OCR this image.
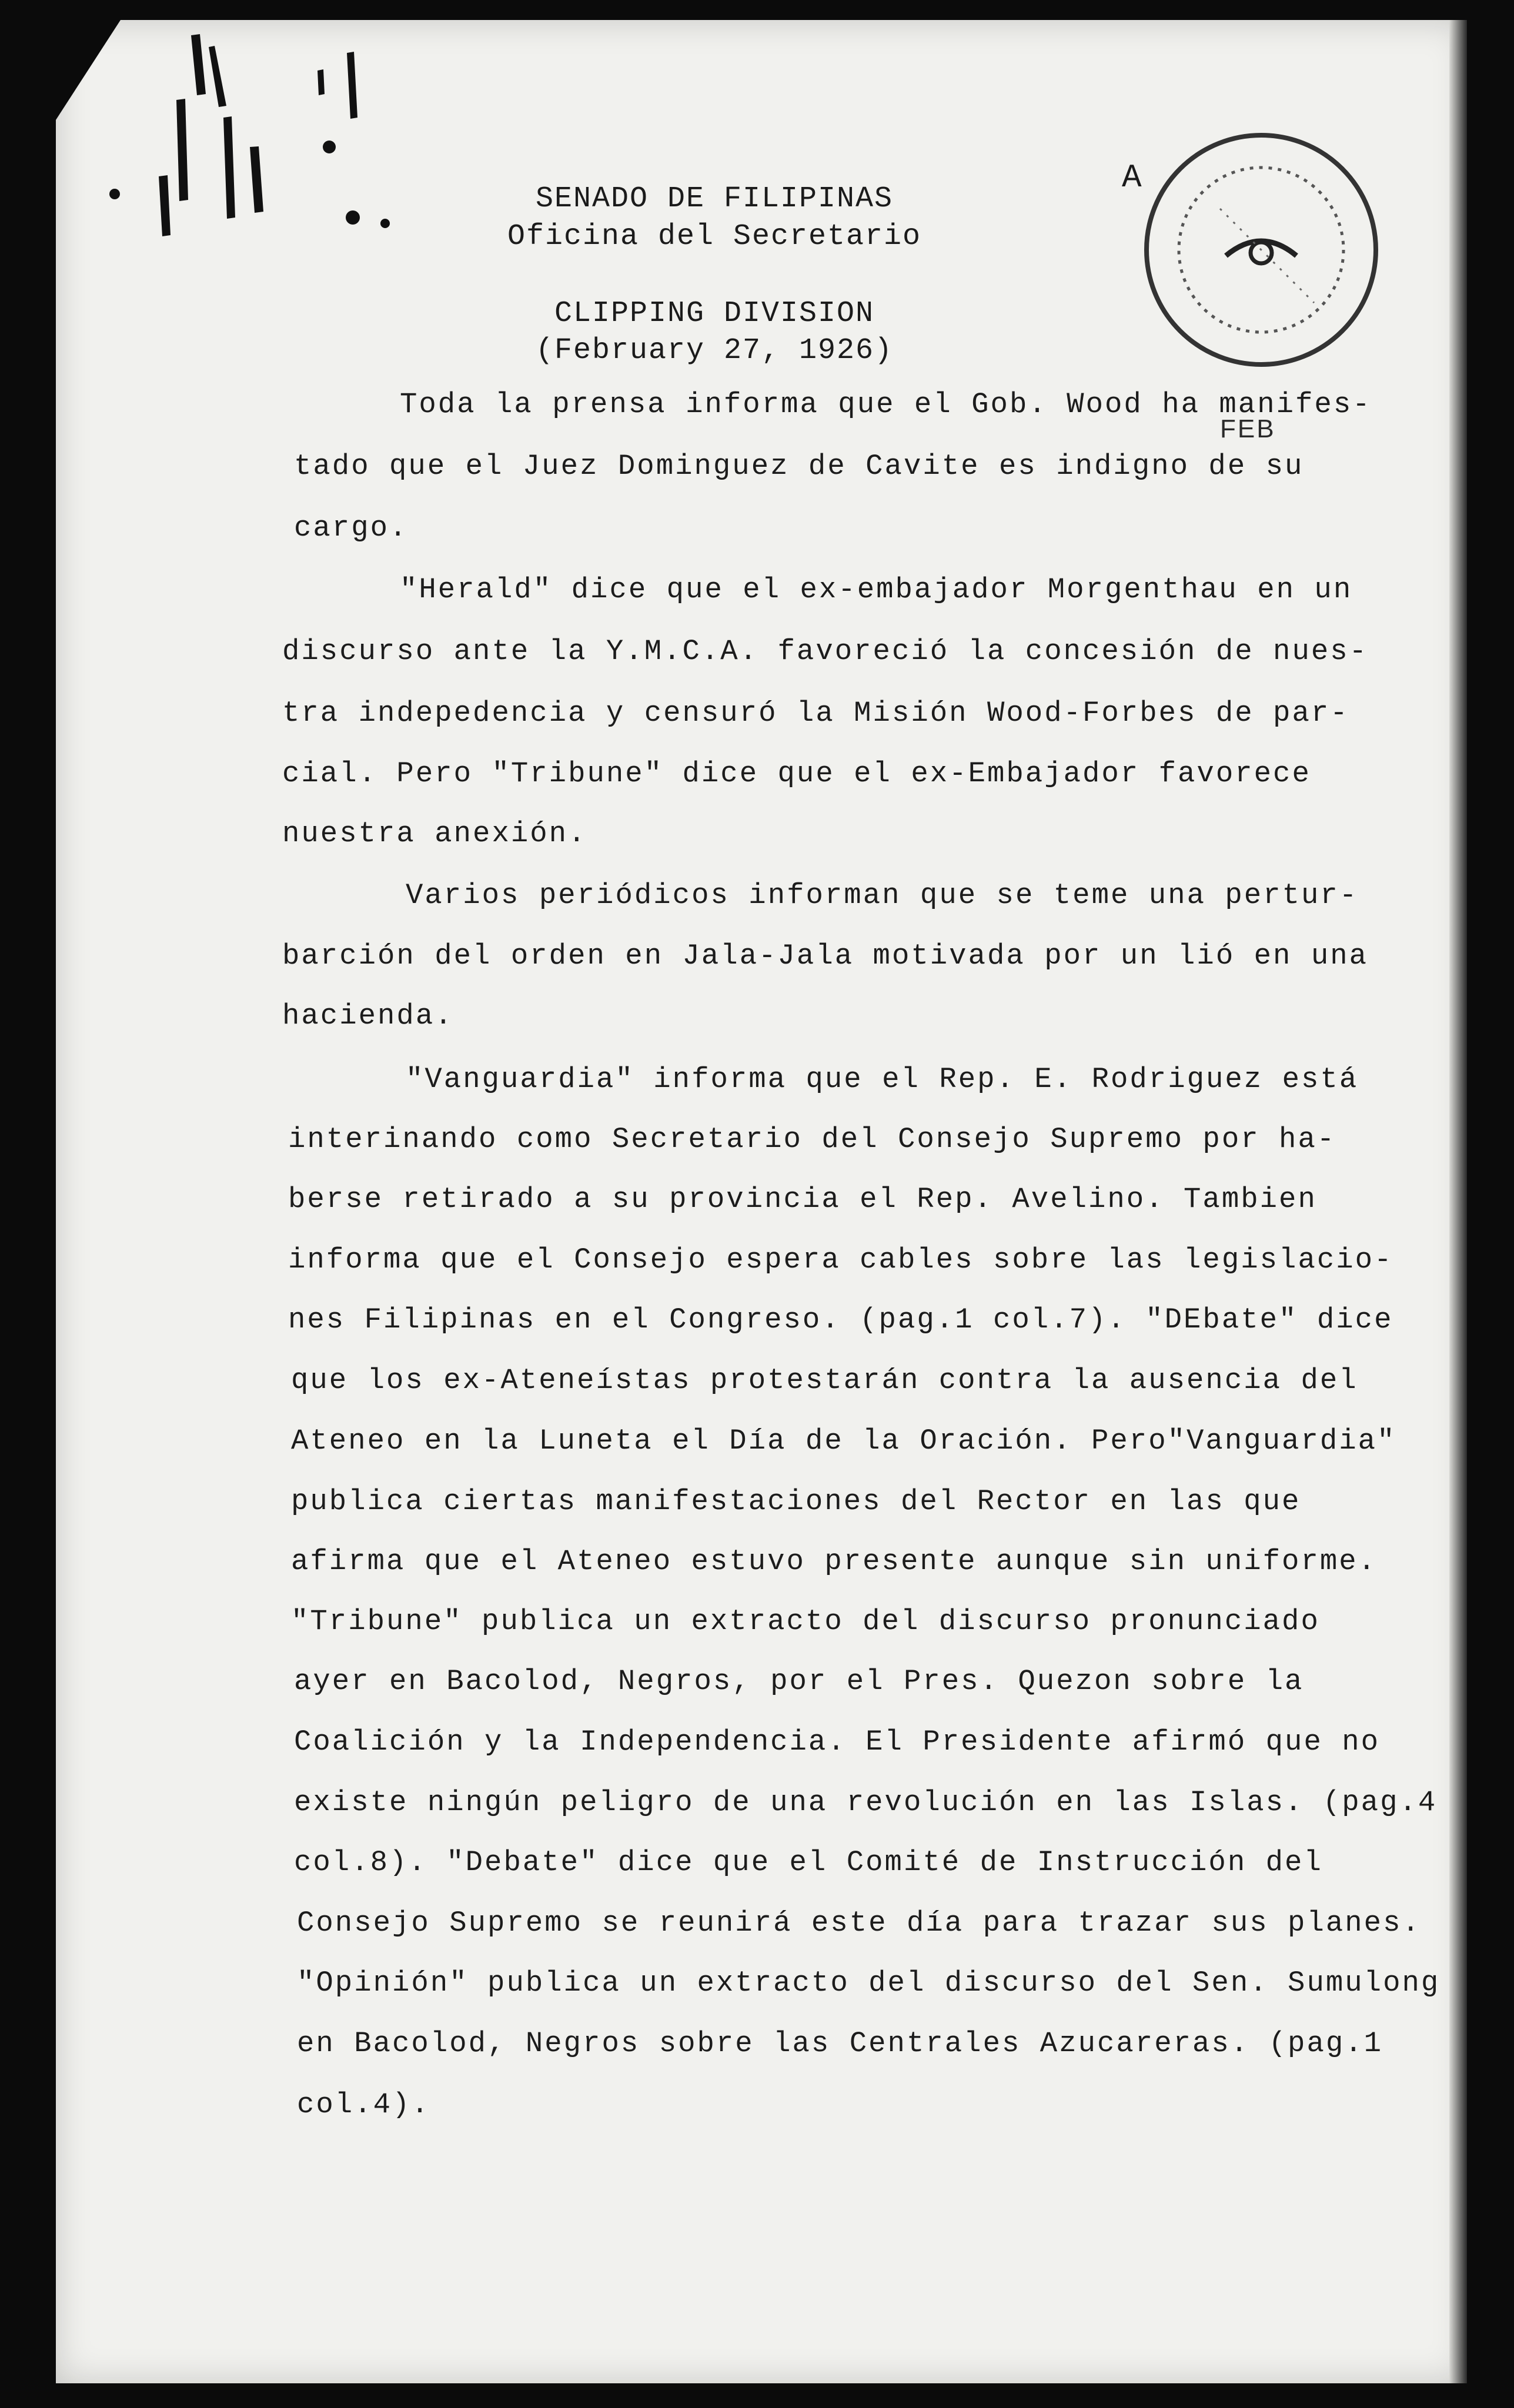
SENADO DE FILIPINAS
Oficina del Secretario
CLIPPING DIVISION
(February 27, 1926)
A
FEB
Toda la prensa informa que el Gob. Wood ha manifes-
tado que el Juez Dominguez de Cavite es indigno de su
cargo.
"Herald" dice que el ex-embajador Morgenthau en un
discurso ante la Y.M.C.A. favoreció la concesión de nues-
tra indepedencia y censuró la Misión Wood-Forbes de par-
cial. Pero "Tribune" dice que el ex-Embajador favorece
nuestra anexión.
Varios periódicos informan que se teme una pertur-
barción del orden en Jala-Jala motivada por un lió en una
hacienda.
"Vanguardia" informa que el Rep. E. Rodriguez está
interinando como Secretario del Consejo Supremo por ha-
berse retirado a su provincia el Rep. Avelino. Tambien
informa que el Consejo espera cables sobre las legislacio-
nes Filipinas en el Congreso. (pag.1 col.7). "DEbate" dice
que los ex-Ateneístas protestarán contra la ausencia del
Ateneo en la Luneta el Día de la Oración. Pero"Vanguardia"
publica ciertas manifestaciones del Rector en las que
afirma que el Ateneo estuvo presente aunque sin uniforme.
"Tribune" publica un extracto del discurso pronunciado
ayer en Bacolod, Negros, por el Pres. Quezon sobre la
Coalición y la Independencia. El Presidente afirmó que no
existe ningún peligro de una revolución en las Islas. (pag.4
col.8). "Debate" dice que el Comité de Instrucción del
Consejo Supremo se reunirá este día para trazar sus planes.
"Opinión" publica un extracto del discurso del Sen. Sumulong
en Bacolod, Negros sobre las Centrales Azucareras. (pag.1
col.4).
